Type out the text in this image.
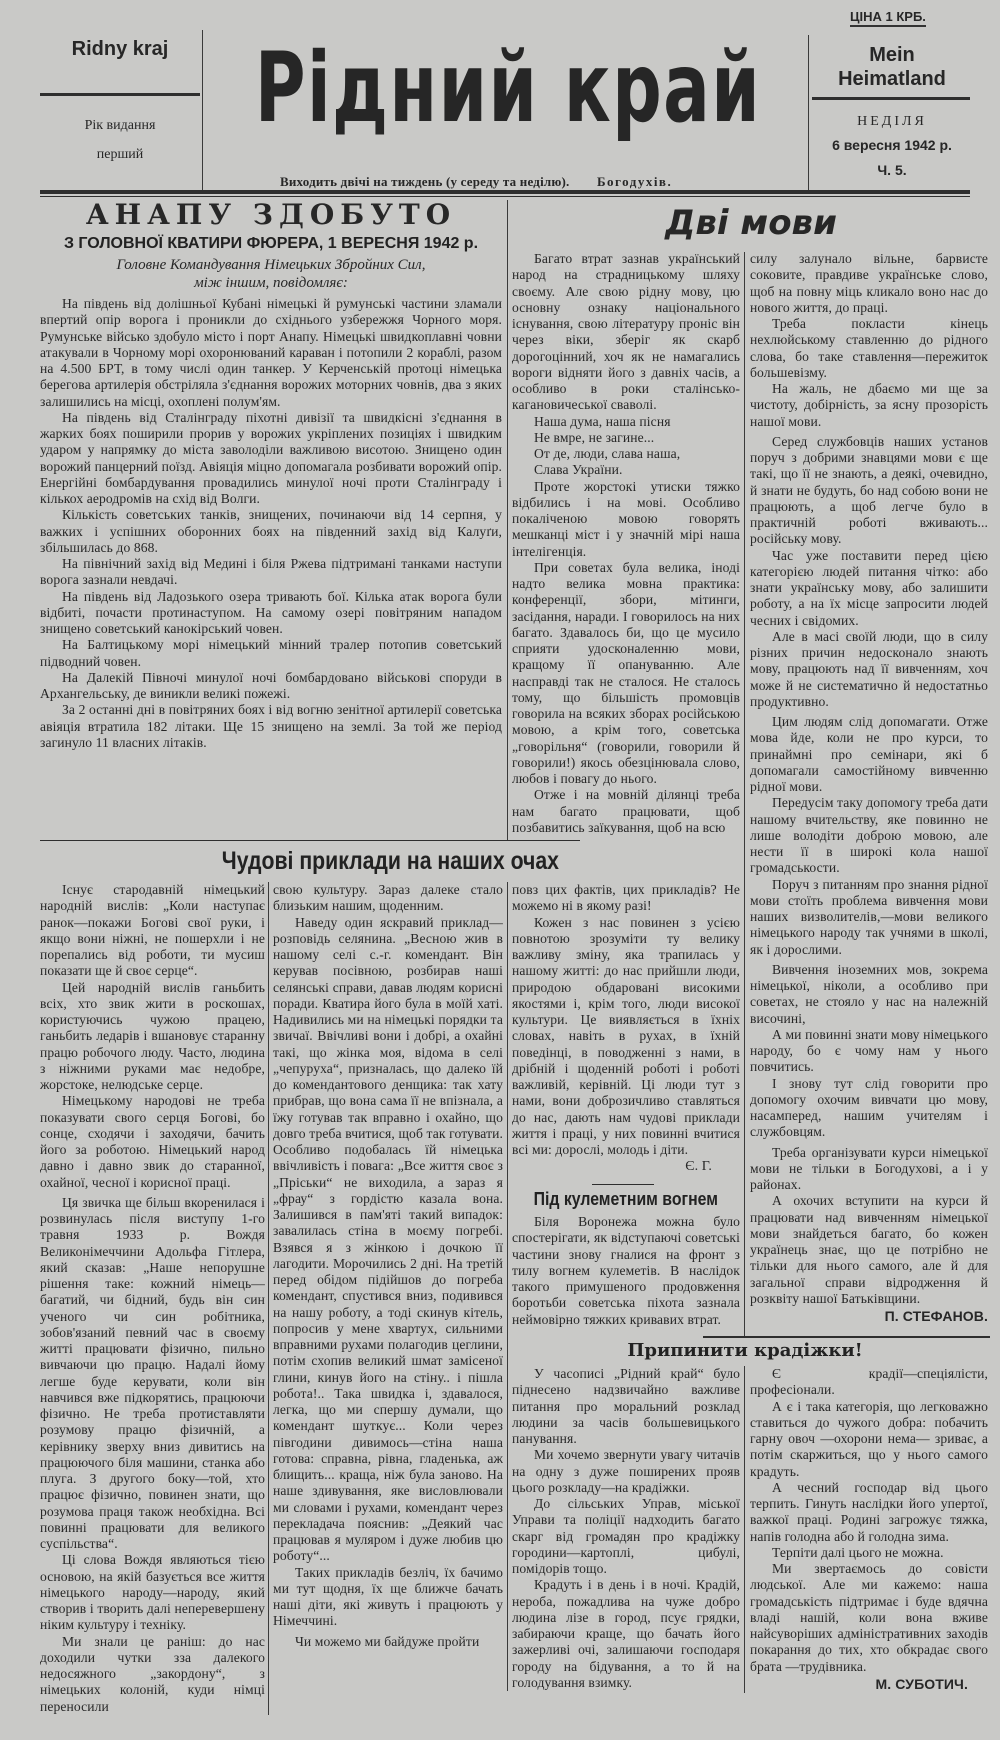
ЦІНА 1 КРБ.
Ridny kraj
Рік видання
перший
Рідний край
Виходить двічі на тиждень (у середу та неділю). Богодухів.
Mein
Heimatland
НЕДІЛЯ
6 вересня 1942 р.
Ч. 5.
АНАПУ ЗДОБУТО
З ГОЛОВНОЇ КВАТИРИ ФЮРЕРА, 1 ВЕРЕСНЯ 1942 р.
Головне Командування Німецьких Збройних Сил,
між іншим, повідомляє:

На південь від долішньої Кубані німецькі й румунські частини зламали впертий опір ворога і проникли до східнього узбережжя Чорного моря. Румунське військо здобуло місто і порт Анапу. Німецькі швидкоплавні човни атакували в Чорному морі охоронюваний караван і потопили 2 кораблі, разом на 4.500 БРТ, в тому числі один танкер. У Керченській протоці німецька берегова артилерія обстріляла з'єднання ворожих моторних човнів, два з яких залишились на місці, охоплені полум'ям.

На південь від Сталінграду піхотні дивізії та швидкісні з'єднання в жарких боях поширили прорив у ворожих укріплених позиціях і швидким ударом у напрямку до міста заволоділи важливою висотою. Знищено один ворожий панцерний поїзд. Авіяція міцно допомагала розбивати ворожий опір. Енергійні бомбардування провадились минулої ночі проти Сталінграду і кількох аеродромів на схід від Волги.

Кількість советських танків, знищених, починаючи від 14 серпня, у важких і успішних оборонних боях на південний захід від Калуґи, збільшилась до 868.

На північний захід від Медині і біля Ржева підтримані танками наступи ворога зазнали невдачі.

На південь від Ладозького озера тривають бої. Кілька атак ворога були відбиті, почасти протинаступом. На самому озері повітряним нападом знищено советський канокірський човен.

На Балтицькому морі німецький мінний тралер потопив советський підводний човен.

На Далекій Півночі минулої ночі бомбардовано військові споруди в Архангельську, де виникли великі пожежі.

За 2 останні дні в повітряних боях і від вогню зенітної артилерії советська авіяція втратила 182 літаки. Ще 15 знищено на землі. За той же період загинуло 11 власних літаків.

Дві мови

Багато втрат зазнав український народ на страдницькому шляху своєму. Але свою рідну мову, цю основну ознаку національного існування, свою літературу проніс він через віки, зберіг як скарб дорогоцінний, хоч як не намагались вороги відняти його з давніх часів, а особливо в роки сталінсько-кагановичеської сваволі.

Наша дума, наша пісня

Не вмре, не загине...

От де, люди, слава наша,

Слава України.

Проте жорстокі утиски тяжко відбились і на мові. Особливо покаліченою мовою говорять мешканці міст і у значній мірі наша інтелігенція.

При советах була велика, іноді надто велика мовна практика: конференції, збори, мітинги, засідання, наради. І говорилось на них багато. Здавалось би, що це мусило сприяти удосконаленню мови, кращому її опануванню. Але насправді так не сталося. Не сталось тому, що більшість промовців говорила на всяких зборах російською мовою, а крім того, советська „говорільня“ (говорили, говорили й говорили!) якось обезцінювала слово, любов і повагу до нього.

Отже і на мовній ділянці треба нам багато працювати, щоб позбавитись заїкування, щоб на всю

силу залунало вільне, барвисте соковите, правдиве українське слово, щоб на повну міць кликало воно нас до нового життя, до праці.

Треба покласти кінець нехлюйському ставленню до рідного слова, бо таке ставлення—пережиток большевізму.

На жаль, не дбаємо ми ще за чистоту, добірність, за ясну прозорість нашої мови.

Серед службовців наших установ поруч з добрими знавцями мови є ще такі, що її не знають, а деякі, очевидно, й знати не будуть, бо над собою вони не працюють, а щоб легче було в практичній роботі вживають... російську мову.

Час уже поставити перед цією категорією людей питання чітко: або знати українську мову, або залишити роботу, а на їх місце запросити людей чесних і свідомих.

Але в масі своїй люди, що в силу різних причин недосконало знають мову, працюють над її вивченням, хоч може й не систематично й недостатньо продуктивно.

Цим людям слід допомагати. Отже мова йде, коли не про курси, то принаймні про семінари, які б допомагали самостійному вивченню рідної мови.

Передусім таку допомогу треба дати нашому вчительству, яке повинно не лише володіти доброю мовою, але нести її в широкі кола нашої громадськости.

Поруч з питанням про знання рідної мови стоїть проблема вивчення мови наших визволителів,—мови великого німецького народу так учнями в школі, як і дорослими.

Вивчення іноземних мов, зокрема німецької, ніколи, а особливо при советах, не стояло у нас на належній височині,

А ми повинні знати мову німецького народу, бо є чому нам у нього повчитись.

І знову тут слід говорити про допомогу охочим вивчати цю мову, насамперед, нашим учителям і службовцям.

Треба організувати курси німецької мови не тільки в Богодухові, а і у районах.

А охочих вступити на курси й працювати над вивченням німецької мови знайдеться багато, бо кожен українець знає, що це потрібно не тільки для нього самого, але й для загальної справи відродження й розквіту нашої Батьківщини.

П. СТЕФАНОВ.
Чудові приклади на наших очах

Існує стародавній німецький народній вислів: „Коли наступає ранок—покажи Богові свої руки, і якщо вони ніжні, не пошерхли і не порепались від роботи, ти мусиш показати ще й своє серце“.

Цей народній вислів ганьбить всіх, хто звик жити в роскошах, користуючись чужою працею, ганьбить ледарів і вшановує старанну працю робочого люду. Часто, людина з ніжними руками має недобре, жорстоке, нелюдське серце.

Німецькому народові не треба показувати свого серця Богові, бо сонце, сходячи і заходячи, бачить його за роботою. Німецький народ давно і давно звик до старанної, охайної, чесної і корисної праці.

Ця звичка ще більш вкоренилася і розвинулась після виступу 1-го травня 1933 р. Вождя Великонімеччини Адольфа Гітлера, який сказав: „Наше непорушне рішення таке: кожний німець—багатий, чи бідний, будь він син ученого чи син робітника, зобов'язаний певний час в своєму житті працювати фізично, пильно вивчаючи цю працю. Надалі йому легше буде керувати, коли він навчився вже підкорятись, працюючи фізично. Не треба протиставляти розумову працю фізичній, а керівнику зверху вниз дивитись на працюючого біля машини, станка або плуга. З другого боку—той, хто працює фізично, повинен знати, що розумова праця також необхідна. Всі повинні працювати для великого суспільства“.

Ці слова Вождя являються тією основою, на якій базується все життя німецького народу—народу, який створив і творить далі неперевершену ніким культуру і техніку.

Ми знали це раніш: до нас доходили чутки зза далекого недосяжного „закордону“, з німецьких колоній, куди німці переносили

свою культуру. Зараз далеке стало близьким нашим, щоденним.

Наведу один яскравий приклад—розповідь селянина. „Весною жив в нашому селі с.-г. комендант. Він керував посівною, розбирав наші селянські справи, давав людям корисні поради. Кватира його була в моїй хаті. Надивились ми на німецькі порядки та звичаї. Ввічливі вони і добрі, а охайні такі, що жінка моя, відома в селі „чепуруха“, призналась, що далеко їй до комендантового денщика: так хату прибрав, що вона сама її не впізнала, а їжу готував так вправно і охайно, що довго треба вчитися, щоб так готувати. Особливо подобалась їй німецька ввічливість і повага: „Все життя своє з „Пріськи“ не виходила, а зараз я „фрау“ з гордістю казала вона. Залишився в пам'яті такий випадок: завалилась стіна в моєму погребі. Взявся я з жінкою і дочкою її лагодити. Морочились 2 дні. На третій перед обідом підійшов до погреба комендант, спустився вниз, подивився на нашу роботу, а тоді скинув кітель, попросив у мене хвартух, сильними вправними рухами полагодив цеглини, потім схопив великий шмат замісеної глини, кинув його на стіну.. і пішла робота!.. Така швидка і, здавалося, легка, що ми спершу думали, що комендант шуткує... Коли через півгодини дивимось—стіна наша готова: справна, рівна, гладенька, аж блищить... краща, ніж була заново. На наше здивування, яке висловлювали ми словами і рухами, комендант через перекладача пояснив: „Деякий час працював я муляром і дуже любив цю роботу“...

Таких прикладів безліч, їх бачимо ми тут щодня, їх ще ближче бачать наші діти, які живуть і працюють у Німеччині.

Чи можемо ми байдуже пройти

повз цих фактів, цих прикладів? Не можемо ні в якому разі!

Кожен з нас повинен з усією повнотою зрозуміти ту велику важливу зміну, яка трапилась у нашому житті: до нас прийшли люди, природою обдаровані високими якостями і, крім того, люди високої культури. Це виявляється в їхніх словах, навіть в рухах, в їхній поведінці, в поводженні з нами, в дрібній і щоденній роботі і роботі важливій, керівній. Ці люди тут з нами, вони доброзичливо ставляться до нас, дають нам чудові приклади життя і праці, у них повинні вчитися всі ми: дорослі, молодь і діти.

Є. Г.
Під кулеметним вогнем

Біля Воронежа можна було спостерігати, як відступаючі советські частини знову гналися на фронт з тилу вогнем кулеметів. В наслідок такого примушеного продовження боротьби советська піхота зазнала неймовірно тяжких кривавих втрат.

Припинити крадіжки!

У часописі „Рідний край“ було піднесено надзвичайно важливе питання про моральний розклад людини за часів большевицького панування.

Ми хочемо звернути увагу читачів на одну з дуже поширених прояв цього розкладу—на крадіжки.

До сільських Управ, міської Управи та поліції надходить багато скарг від громадян про крадіжку городини—картоплі, цибулі, помідорів тощо.

Крадуть і в день і в ночі. Крадій, нероба, пожадлива на чуже добро людина лізе в город, псує грядки, забираючи краще, що бачать його зажерливі очі, залишаючи господаря городу на бідування, а то й на голодування взимку.

Є крадії—спеціялісти, професіонали.

А є і така категорія, що легковажно ставиться до чужого добра: побачить гарну овоч —охорони нема— зриває, а потім скаржиться, що у нього самого крадуть.

А чесний господар від цього терпить. Гинуть наслідки його упертої, важкої праці. Родині загрожує тяжка, напів голодна або й голодна зима.

Терпіти далі цього не можна.

Ми звертаємось до совісти людської. Але ми кажемо: наша громадськість підтримає і буде вдячна владі нашій, коли вона вживе найсуворіших адміністративних заходів покарання до тих, хто обкрадає свого брата —трудівника.

М. СУБОТИЧ.
